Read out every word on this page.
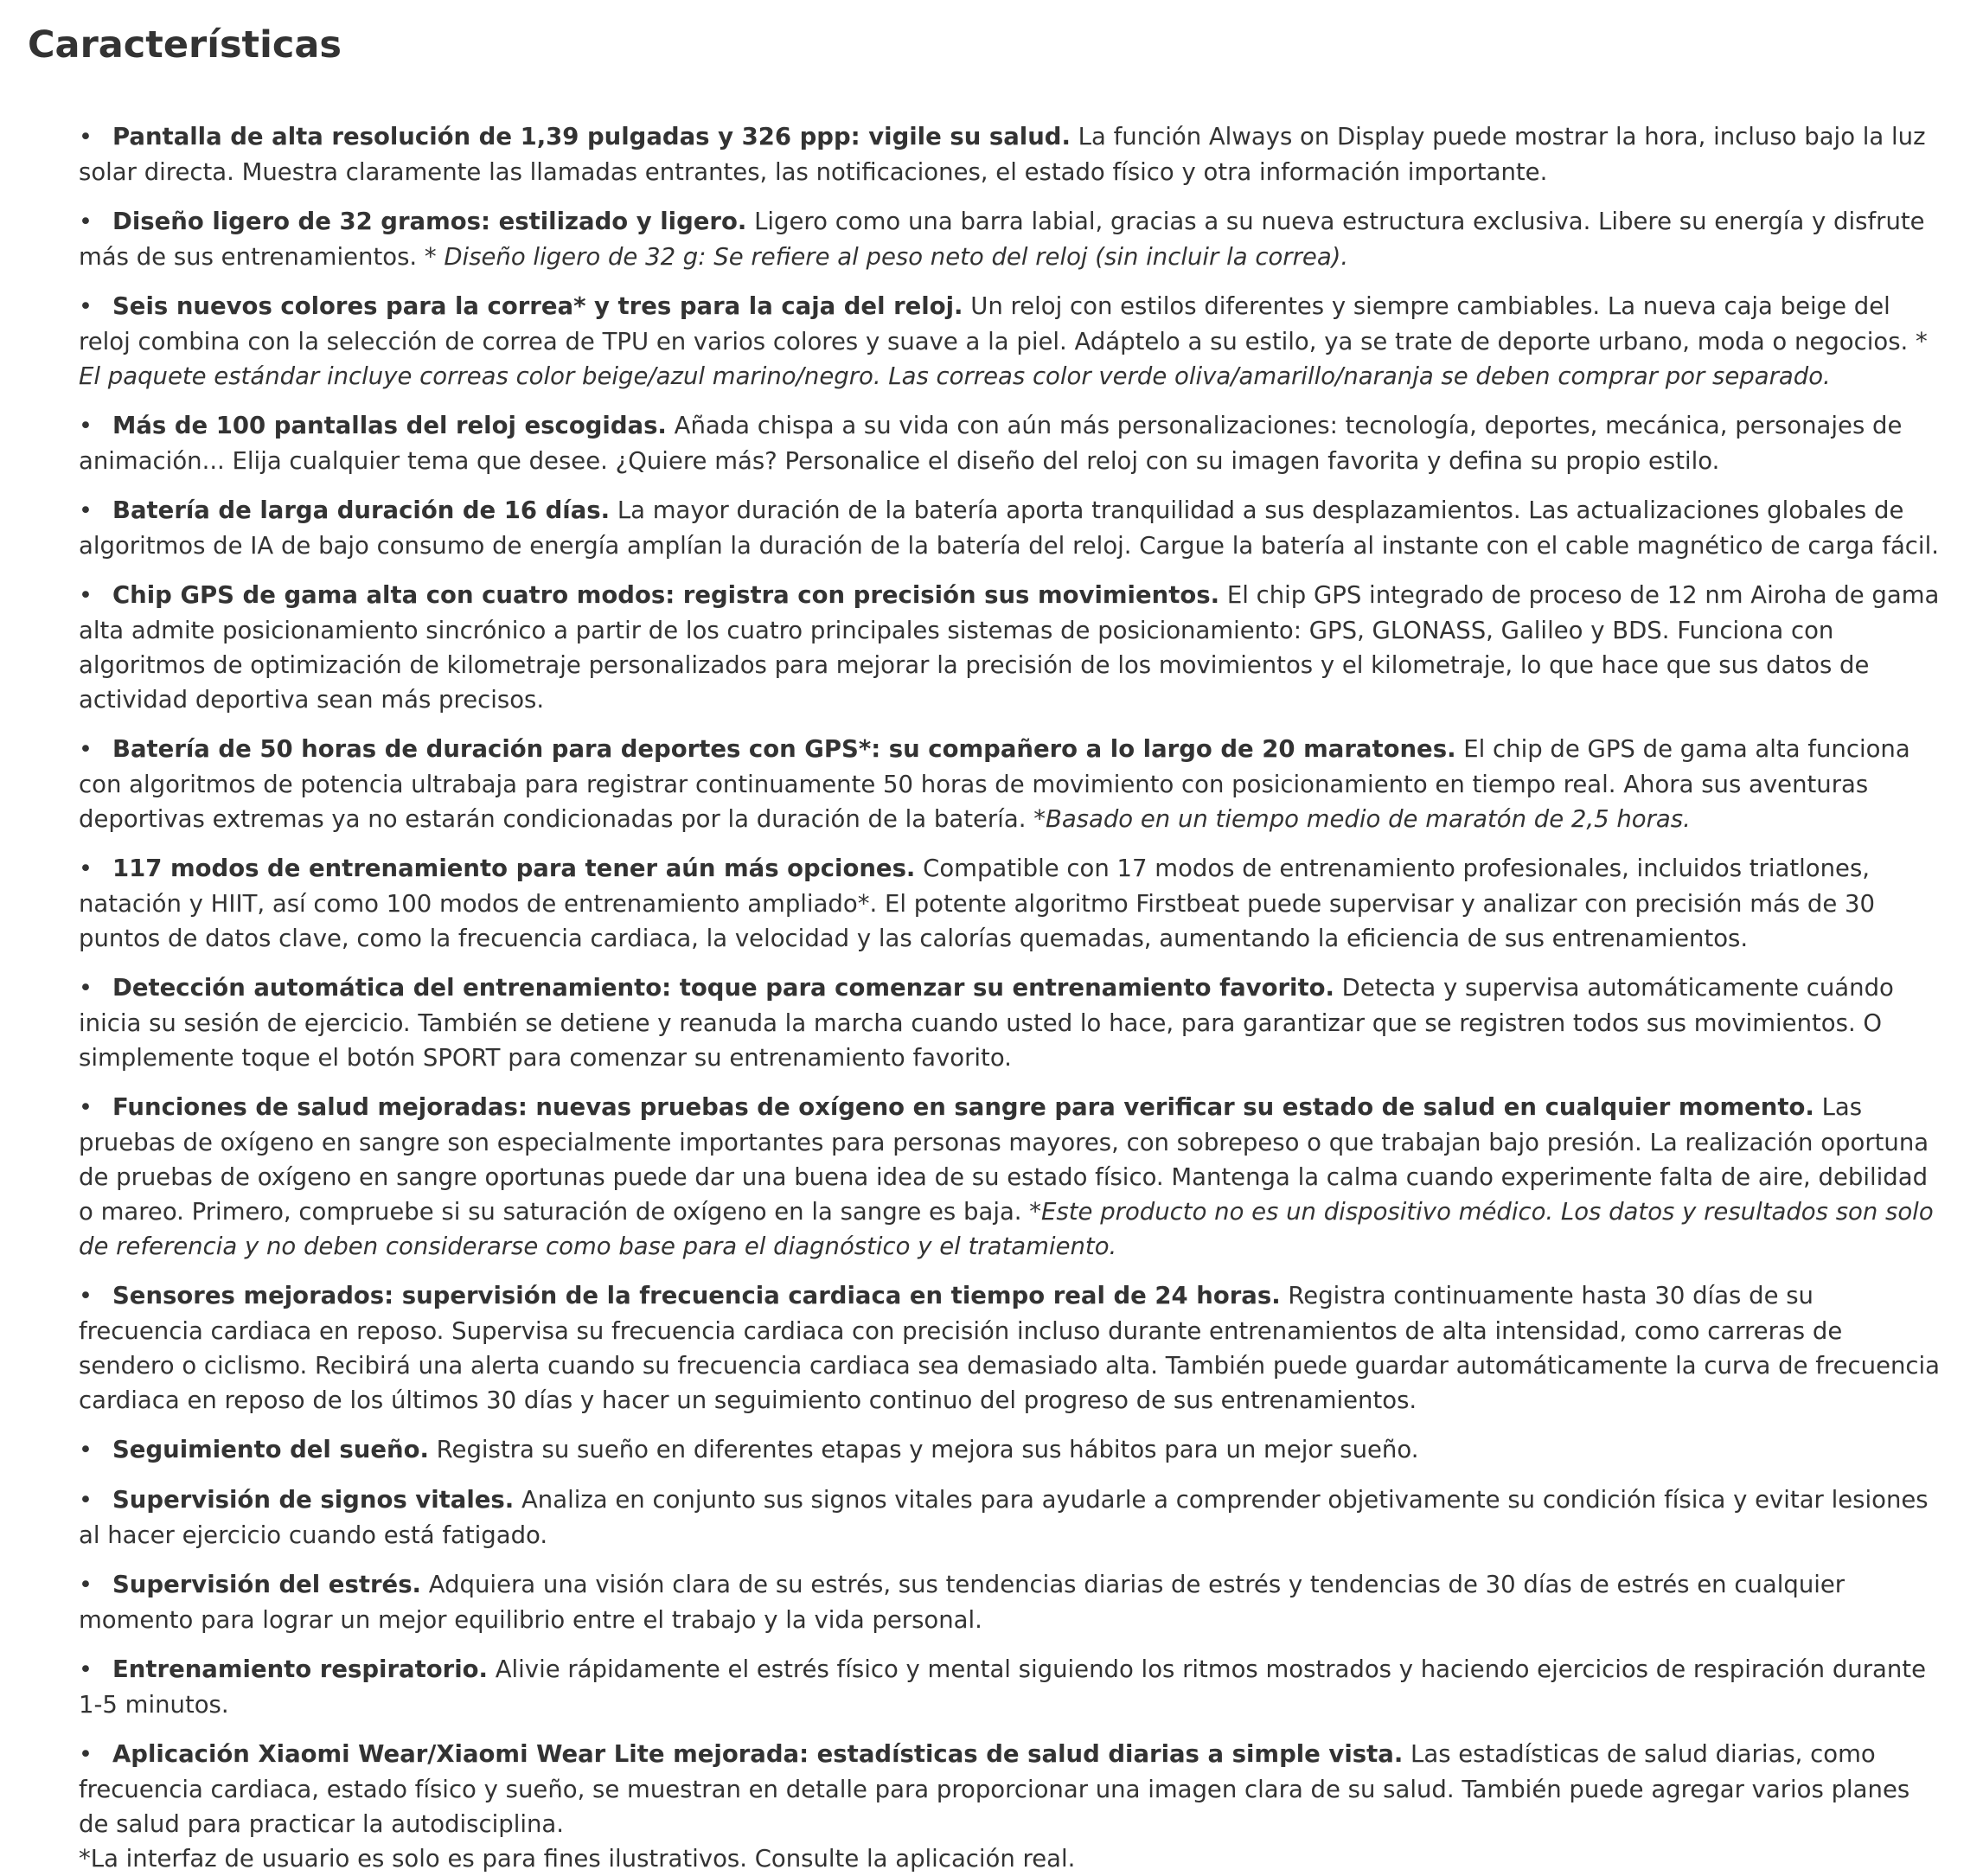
Características
• Pantalla de alta resolución de 1,39 pulgadas y 326 ppp: vigile su salud. La función Always on Display puede mostrar la hora, incluso bajo la luz solar directa. Muestra claramente las llamadas entrantes, las notificaciones, el estado físico y otra información importante.
• Diseño ligero de 32 gramos: estilizado y ligero. Ligero como una barra labial, gracias a su nueva estructura exclusiva. Libere su energía y disfrute más de sus entrenamientos. * Diseño ligero de 32 g: Se refiere al peso neto del reloj (sin incluir la correa).
• Seis nuevos colores para la correa* y tres para la caja del reloj. Un reloj con estilos diferentes y siempre cambiables. La nueva caja beige del reloj combina con la selección de correa de TPU en varios colores y suave a la piel. Adáptelo a su estilo, ya se trate de deporte urbano, moda o negocios. * El paquete estándar incluye correas color beige/azul marino/negro. Las correas color verde oliva/amarillo/naranja se deben comprar por separado.
• Más de 100 pantallas del reloj escogidas. Añada chispa a su vida con aún más personalizaciones: tecnología, deportes, mecánica, personajes de animación... Elija cualquier tema que desee. ¿Quiere más? Personalice el diseño del reloj con su imagen favorita y defina su propio estilo.
• Batería de larga duración de 16 días. La mayor duración de la batería aporta tranquilidad a sus desplazamientos. Las actualizaciones globales de algoritmos de IA de bajo consumo de energía amplían la duración de la batería del reloj. Cargue la batería al instante con el cable magnético de carga fácil.
• Chip GPS de gama alta con cuatro modos: registra con precisión sus movimientos. El chip GPS integrado de proceso de 12 nm Airoha de gama alta admite posicionamiento sincrónico a partir de los cuatro principales sistemas de posicionamiento: GPS, GLONASS, Galileo y BDS. Funciona con algoritmos de optimización de kilometraje personalizados para mejorar la precisión de los movimientos y el kilometraje, lo que hace que sus datos de actividad deportiva sean más precisos.
• Batería de 50 horas de duración para deportes con GPS*: su compañero a lo largo de 20 maratones. El chip de GPS de gama alta funciona con algoritmos de potencia ultrabaja para registrar continuamente 50 horas de movimiento con posicionamiento en tiempo real. Ahora sus aventuras deportivas extremas ya no estarán condicionadas por la duración de la batería. *Basado en un tiempo medio de maratón de 2,5 horas.
• 117 modos de entrenamiento para tener aún más opciones. Compatible con 17 modos de entrenamiento profesionales, incluidos triatlones, natación y HIIT, así como 100 modos de entrenamiento ampliado*. El potente algoritmo Firstbeat puede supervisar y analizar con precisión más de 30 puntos de datos clave, como la frecuencia cardiaca, la velocidad y las calorías quemadas, aumentando la eficiencia de sus entrenamientos.
• Detección automática del entrenamiento: toque para comenzar su entrenamiento favorito. Detecta y supervisa automáticamente cuándo inicia su sesión de ejercicio. También se detiene y reanuda la marcha cuando usted lo hace, para garantizar que se registren todos sus movimientos. O simplemente toque el botón SPORT para comenzar su entrenamiento favorito.
• Funciones de salud mejoradas: nuevas pruebas de oxígeno en sangre para verificar su estado de salud en cualquier momento. Las pruebas de oxígeno en sangre son especialmente importantes para personas mayores, con sobrepeso o que trabajan bajo presión. La realización oportuna de pruebas de oxígeno en sangre oportunas puede dar una buena idea de su estado físico. Mantenga la calma cuando experimente falta de aire, debilidad o mareo. Primero, compruebe si su saturación de oxígeno en la sangre es baja. *Este producto no es un dispositivo médico. Los datos y resultados son solo de referencia y no deben considerarse como base para el diagnóstico y el tratamiento.
• Sensores mejorados: supervisión de la frecuencia cardiaca en tiempo real de 24 horas. Registra continuamente hasta 30 días de su frecuencia cardiaca en reposo. Supervisa su frecuencia cardiaca con precisión incluso durante entrenamientos de alta intensidad, como carreras de sendero o ciclismo. Recibirá una alerta cuando su frecuencia cardiaca sea demasiado alta. También puede guardar automáticamente la curva de frecuencia cardiaca en reposo de los últimos 30 días y hacer un seguimiento continuo del progreso de sus entrenamientos.
• Seguimiento del sueño. Registra su sueño en diferentes etapas y mejora sus hábitos para un mejor sueño.
• Supervisión de signos vitales. Analiza en conjunto sus signos vitales para ayudarle a comprender objetivamente su condición física y evitar lesiones al hacer ejercicio cuando está fatigado.
• Supervisión del estrés. Adquiera una visión clara de su estrés, sus tendencias diarias de estrés y tendencias de 30 días de estrés en cualquier momento para lograr un mejor equilibrio entre el trabajo y la vida personal.
• Entrenamiento respiratorio. Alivie rápidamente el estrés físico y mental siguiendo los ritmos mostrados y haciendo ejercicios de respiración durante 1-5 minutos.
• Aplicación Xiaomi Wear/Xiaomi Wear Lite mejorada: estadísticas de salud diarias a simple vista. Las estadísticas de salud diarias, como frecuencia cardiaca, estado físico y sueño, se muestran en detalle para proporcionar una imagen clara de su salud. También puede agregar varios planes de salud para practicar la autodisciplina.
*La interfaz de usuario es solo es para fines ilustrativos. Consulte la aplicación real.
